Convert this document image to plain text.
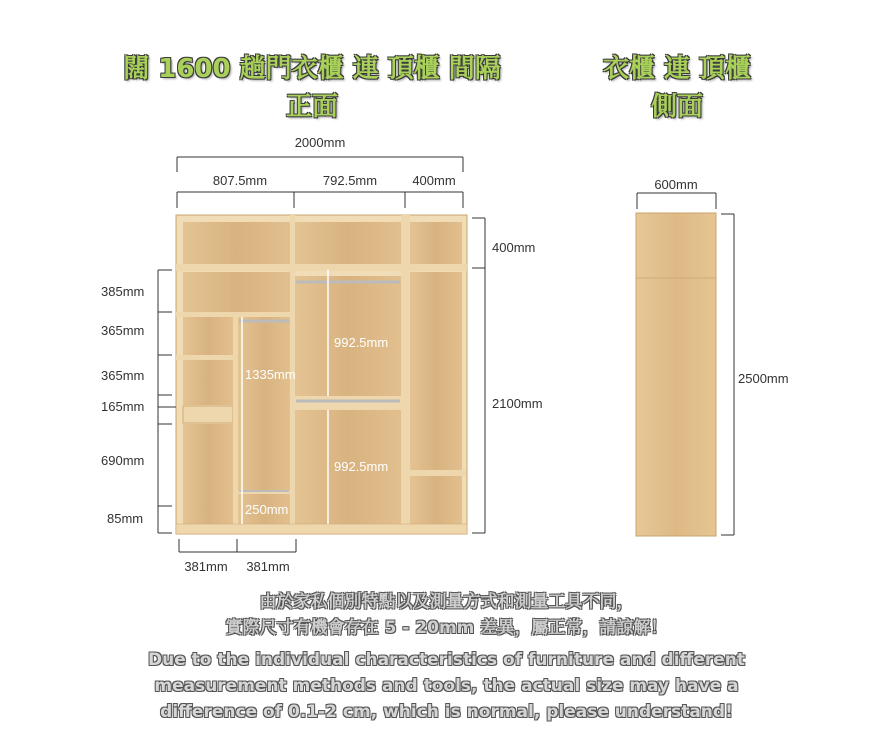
闊 1600 趟門衣櫃 連 頂櫃 間隔
正面
衣櫃 連 頂櫃
側面
992.5mm
992.5mm
1335mm
250mm
2000mm
807.5mm	792.5mm	400mm
400mm
2100mm
385mm
365mm
365mm
165mm
690mm
85mm
381mm 381mm
600mm
2500mm
由於家私個別特點以及測量方式和測量工具不同，
實際尺寸有機會存在 5 - 20mm 差異，屬正常，請諒解！
Due to the individual characteristics of furniture and different
measurement methods and tools, the actual size may have a
difference of 0.1-2 cm, which is normal, please understand!
